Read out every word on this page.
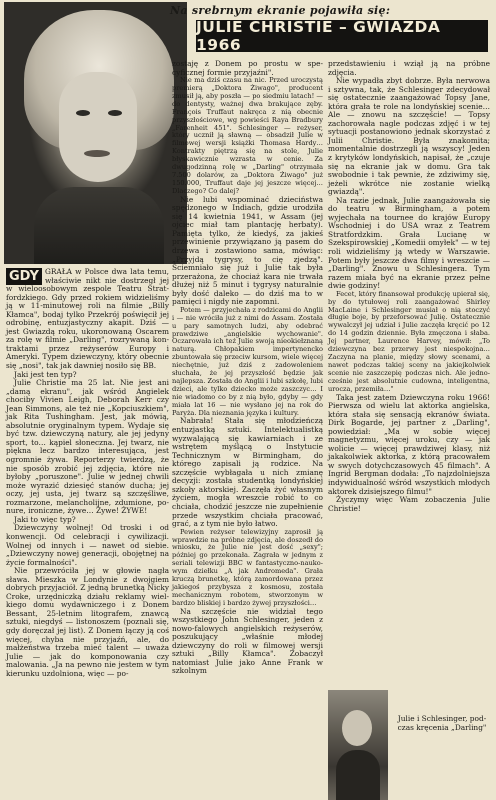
Na srebrnym ekranie pojawiła się:
JULIE CHRISTIE – GWIAZDA 1966

GDY GRAŁA w Polsce dwa lata temu, właściwie nikt nie dostrzegł jej w wieloosobowym zespole Teatru Stratfordzkiego. Gdy przed rokiem widzieliśmy ją w 11-minutowej roli na filmie „Billy Kłamca", bodaj tylko Przekrój poświęcił jej odrobinę, entuzjastyczny akapit. Dziś — jest Gwiazdą roku, ukoronowaną Oscarem za rolę w filmie „Darling", rozrywaną kontraktami przez reżyserów Europy i Ameryki. Typem dziewczyny, który obecnie się „nosi", tak jak dawniej nosiło się BB.

Jaki jest ten typ?

Julie Christie ma 25 lat. Nie jest ani „damą ekranu", jak wśród Angielek chociby Vivien Leigh, Deborah Kerr czy Jean Simmons, ale też nie „Kopciuszkiem", jak Rita Tushingham. Jest, jak mówią, absolutnie oryginalnym typem. Wydaje się być tzw. dziewczyną natury, ale jej jedyny sport, to… kąpiel słoneczna. Jej twarz, nie piękna lecz bardzo interesująca, jest ogromnie żywa. Reporterzy twierdzą, że nie sposób zrobić jej zdjęcia, które nie byłoby „poruszone". Julie w jednej chwili może wyrazić dziesięć stanów ducha; jej oczy, jej usta, jej twarz są szczęśliwe, rozmarzone, melancholijne, zdumione, ponure, ironiczne, żywe… Żywe! ŻYWE!

Jaki to więc typ?

Dziewczyny wolnej! Od troski i od konwencji. Od celebracji i cywilizacji. Wolnej od innych i — nawet od siebie. „Dziewczyny nowej generacji, obojętnej na życie formalności".

Nie przewróciła jej w głowie nagła sława. Mieszka w Londynie z dwojgiem dobrych przyjaciół. Z jedną brunetką Nicky Croke, urzędniczką działu reklamy wielkiego domu wydawniczego i z Donem Bessant, 25-letnim litografem, znawcą sztuki, niegdyś — listonoszem (poznali się, gdy doręczał jej list). Z Donem łączy ją coś więcej, chyba nie przyjaźń, ale, do małżeństwa trzeba mieć talent — uważa Julie — jak do komponowania czy malowania. „Ja na pewno nie jestem w tym kierunku uzdolniona, więc — po-

zostaję z Donem po prostu w specyficznej formie przyjaźni".

Nie ma dziś czasu na nic. Przed uroczystą premierą „Doktora Żiwago", producent zmusił ją, aby poszła — po siedmiu latach! — do dentysty, ważnej dwa brakujące zęby. François Truffaut nakręca z nią obecnie przyszłościowe, wg powieści Raya Bradbury „Farenheit 451". Schlesinger — reżyser, który ucznił ją sławną — obsadził Julie w filmowej wersji książki Thomasa Hardy… Kontrakty piętrzą się na stole, Julie błyskawicznie wzrasta w cenie. Za dwugodzinną rolę w „Darling" otrzymała 7.500 dolarów, za „Doktora Żiwago" już 150.000, Truffaut daje jej jeszcze więcej… Dlaczego? Co dalej?

Nie lubi wspominać dzieciństwa spędzonego w Indiach, gdzie urodziła się 14 kwietnia 1941, w Assam (jej ojciec miał tam plantację herbaty). Pamięta tylko, że kiedyś, za jakieś przewinienie przywiązano ją pasem do drzewa i zostawiono sama, mówiąc: „Przyjdą tygrysy, to cię zjedzą". Ściemniało się już i Julie tak była przerażona, że chociaż kara nie trwała dłużej niż 5 minut i tygrysy naturalnie były dość daleko — do dziś ma to w pamięci i nigdy nie zapomni.

Potem — przyjechała z rodzicami do Anglii i — nie wróciła już z nimi do Assam. Została u pary samotnych ludzi, aby odebrać prawdziwe „angielskie wychowanie". Oczarowała ich też Julie swoją nieokiełznaną naturą. Chłopakiem impertynencko zbuntowała się przeciw kursom, wiele więcej niechętnie, już dziś z zadowoleniem słuchała, że jej przyszłość będzie jak najlepsza. Została do Anglii i lubi szkołę, lubi dzieci, ale tylko dziecko może zaszczyc… I nie wiadomo co by z nią było, gdyby — gdy miała lat 16 — nie wysłano jej na rok do Paryża. Dla nieznania języka i kultury.

Nabrała! Stała się młodzieńczą entuzjastką sztuki. Intelektualistką wyzwalającą się kawiarniach i ze wstrętem myślącą o Instytucie Technicznym w Birmingham, do którego zapisali ją rodzice. Na szczęście wybłagała u nich zmianę decyzji: została studentką londyńskiej szkoły aktorskiej. Zaczęła żyć własnym życiem, mogła wreszcie robić to co chciała, chodzić jeszcze nie zupełnienie przede wszystkim chciała pracować, grać, a z tym nie było łatwo.

Pewien reżyser telewizyjny zaprosił ją wprawdzie na próbne zdjęcia, ale doszedł do wniosku, że Julie nie jest dość „sexy"; później go przekonała. Zagrała w jednym z seriali telewizji BBC w fantastyczno-naukowym dziełku „A jak Andromeda". Grała kruczą brunetkę, którą zamordowana przez jakiegoś przybysza z kosmosu, została mechanicznym robotem, stworzonym w bardzo bliskiej i bardzo żywej przyszłości…

Na szczęście nie widział tego wszystkiego John Schlesinger, jeden z nowo-falowych angielskich reżyserów, poszukujący „właśnie młodej dziewczyny do roli w filmowej wersji sztuki „Billy Kłamca". Zobaczył natomiast Julie jako Anne Frank w szkolnym

przedstawieniu i wziął ją na próbne zdjęcia.

Nie wypadła zbyt dobrze. Była nerwowa i sztywna, tak, że Schlesinger zdecydował się ostatecznie zaangażować Topsy Jane, która grała te role na londyńskiej scenie… Ale — znowu na szczęście! — Topsy zachorowała nagle podczas zdjęć i w tej sytuacji postanowiono jednak skorzystać z Julii Christie. Była znakomita; momentalnie dostrzegli ją wszyscy! Jeden z krytyków londyńskich, napisał, że „czuje się na ekranie jak w domu. Gra tak swobodnie i tak pewnie, że zdziwimy się, jeżeli wkrótce nie zostanie wielką gwiazdą".

Na razie jednak, Julie zaangażowała się do teatru w Birmingham, a potem wyjechała na tournee do krajów Europy Wschodniej i do USA wraz z Teatrem Stratfordzkim. Grała Lucianę w Szekspirowskiej „Komedii omyłek" — w tej roli widzieliśmy ją wtedy w Warszawie. Potem były jeszcze dwa filmy i wreszcie — „Darling". Znowu u Schlesingera. Tym razem miała być na ekranie przez pełne dwie godziny!

Fecet, który finansował produkcję upierał się, by do tytułowej roli zaangażować Shirley MacLaine i Schlesinger musiał o nią stoczyć długie boje, by przeforsować Julię. Ostatecznie wywalczył jej udział i Julie zaczęła kręcić po 12 do 14 godzin dziennie. Była zmęczona i słaba. Jej partner, Laurence Harvey, mówił: „To dziewczyna bez przerwy jest niespokojna… Zaczyna na planie, między słowy scenami, a nawet podczas takiej sceny na jakiejkolwiek scenie nie zaszczepię podczas nich. Ale jednocześnie jest absolutnie cudowna, inteligentna, urocza, przemiła…"

Taka jest zatem Dziewczyna roku 1966! Pierwsza od wielu lat aktorka angielska, która stała się sensacją ekranów świata. Dirk Bogarde, jej partner z „Darling", powiedział: „Ma w sobie więcej magnetyzmu, więcej uroku, czy — jak wolicie — więcej prawdziwej klasy, niż jakakolwiek aktorka, z którą pracowałem w swych dotychczasowych 45 filmach". A Ingrid Bergman dodała: „To najzdolniejsza indywidualność wśród wszystkich młodych aktorek dzisiejszego filmu!"

Życzymy więc Wam zobaczenia Julie Christie!

Julie i Schlesinger, podczas kręcenia „Darling"
